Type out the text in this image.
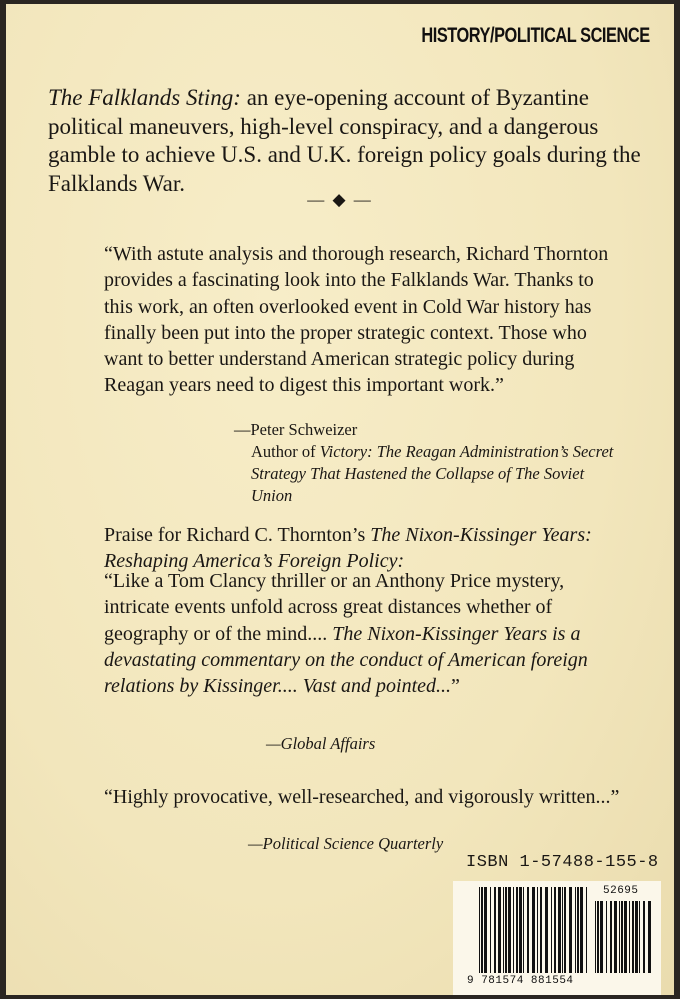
HISTORY/POLITICAL SCIENCE
The Falklands Sting: an eye-opening account of Byzantine political maneuvers, high-level conspiracy, and a dangerous gamble to achieve U.S. and U.K. foreign policy goals during the Falklands War.
— ◆ —
“With astute analysis and thorough research, Richard Thornton provides a fascinating look into the Falklands War. Thanks to this work, an often overlooked event in Cold War history has finally been put into the proper strategic context. Those who want to better understand American strategic policy during Reagan years need to digest this important work.”
—Peter Schweizer
Author of Victory: The Reagan Administration’s Secret Strategy That Hastened the Collapse of The Soviet Union
Praise for Richard C. Thornton’s The Nixon-Kissinger Years: Reshaping America’s Foreign Policy:
“Like a Tom Clancy thriller or an Anthony Price mystery, intricate events unfold across great distances whether of geography or of the mind.... The Nixon-Kissinger Years is a devastating commentary on the conduct of American foreign relations by Kissinger.... Vast and pointed...”
—Global Affairs
“Highly provocative, well-researched, and vigorously written...”
—Political Science Quarterly
ISBN 1-57488-155-8
9 781574 881554
52695
